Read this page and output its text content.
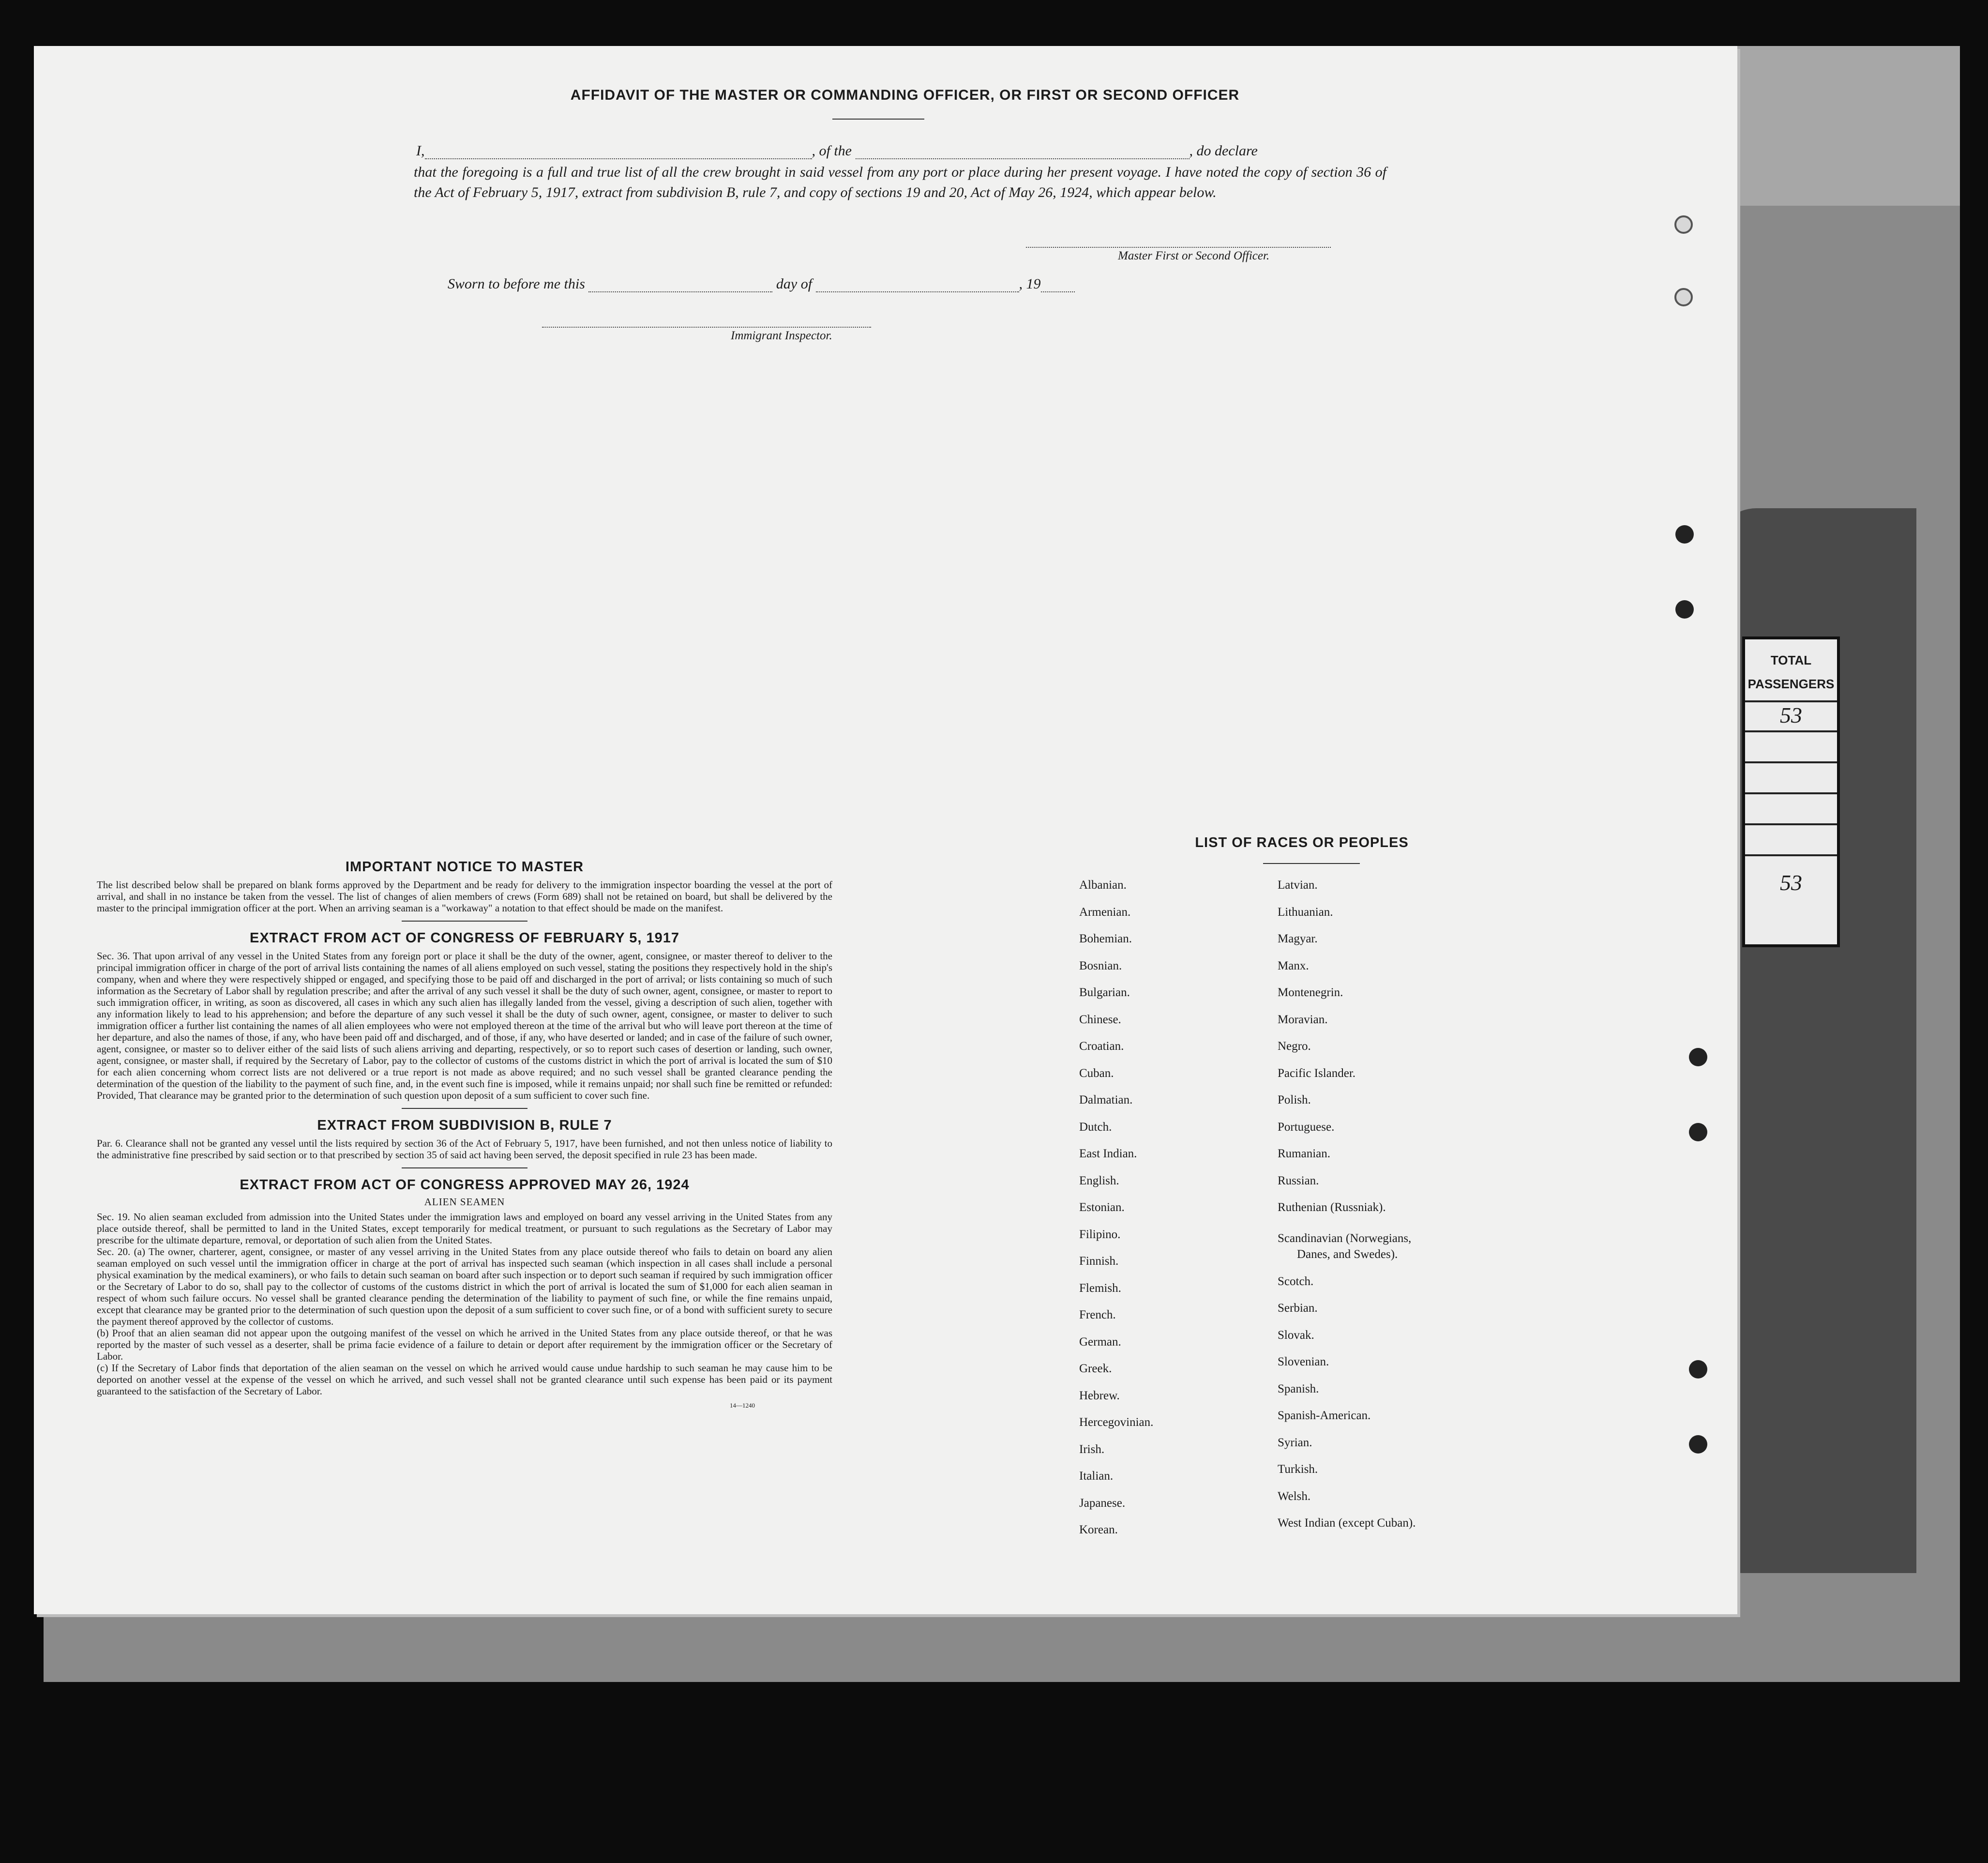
TOTAL
PASSENGERS
53
53
AFFIDAVIT OF THE MASTER OR COMMANDING OFFICER, OR FIRST OR SECOND OFFICER
I,	, of the	, do declare
that the foregoing is a full and true list of all the crew brought in said vessel from any port or place during her present voyage. I have noted the copy of section 36 of the Act of February 5, 1917, extract from subdivision B, rule 7, and copy of sections 19 and 20, Act of May 26, 1924, which appear below.
Master First or Second Officer.
Sworn to before me this	day of	, 19
Immigrant Inspector.
IMPORTANT NOTICE TO MASTER
The list described below shall be prepared on blank forms approved by the Department and be ready for delivery to the immigration inspector boarding the vessel at the port of arrival, and shall in no instance be taken from the vessel. The list of changes of alien members of crews (Form 689) shall not be retained on board, but shall be delivered by the master to the principal immigration officer at the port. When an arriving seaman is a "workaway" a notation to that effect should be made on the manifest.
EXTRACT FROM ACT OF CONGRESS OF FEBRUARY 5, 1917
Sec. 36. That upon arrival of any vessel in the United States from any foreign port or place it shall be the duty of the owner, agent, consignee, or master thereof to deliver to the principal immigration officer in charge of the port of arrival lists containing the names of all aliens employed on such vessel, stating the positions they respectively hold in the ship's company, when and where they were respectively shipped or engaged, and specifying those to be paid off and discharged in the port of arrival; or lists containing so much of such information as the Secretary of Labor shall by regulation prescribe; and after the arrival of any such vessel it shall be the duty of such owner, agent, consignee, or master to report to such immigration officer, in writing, as soon as discovered, all cases in which any such alien has illegally landed from the vessel, giving a description of such alien, together with any information likely to lead to his apprehension; and before the departure of any such vessel it shall be the duty of such owner, agent, consignee, or master to deliver to such immigration officer a further list containing the names of all alien employees who were not employed thereon at the time of the arrival but who will leave port thereon at the time of her departure, and also the names of those, if any, who have been paid off and discharged, and of those, if any, who have deserted or landed; and in case of the failure of such owner, agent, consignee, or master so to deliver either of the said lists of such aliens arriving and departing, respectively, or so to report such cases of desertion or landing, such owner, agent, consignee, or master shall, if required by the Secretary of Labor, pay to the collector of customs of the customs district in which the port of arrival is located the sum of $10 for each alien concerning whom correct lists are not delivered or a true report is not made as above required; and no such vessel shall be granted clearance pending the determination of the question of the liability to the payment of such fine, and, in the event such fine is imposed, while it remains unpaid; nor shall such fine be remitted or refunded: Provided, That clearance may be granted prior to the determination of such question upon deposit of a sum sufficient to cover such fine.
EXTRACT FROM SUBDIVISION B, RULE 7
Par. 6. Clearance shall not be granted any vessel until the lists required by section 36 of the Act of February 5, 1917, have been furnished, and not then unless notice of liability to the administrative fine prescribed by said section or to that prescribed by section 35 of said act having been served, the deposit specified in rule 23 has been made.
EXTRACT FROM ACT OF CONGRESS APPROVED MAY 26, 1924
ALIEN SEAMEN
Sec. 19. No alien seaman excluded from admission into the United States under the immigration laws and employed on board any vessel arriving in the United States from any place outside thereof, shall be permitted to land in the United States, except temporarily for medical treatment, or pursuant to such regulations as the Secretary of Labor may prescribe for the ultimate departure, removal, or deportation of such alien from the United States.
Sec. 20. (a) The owner, charterer, agent, consignee, or master of any vessel arriving in the United States from any place outside thereof who fails to detain on board any alien seaman employed on such vessel until the immigration officer in charge at the port of arrival has inspected such seaman (which inspection in all cases shall include a personal physical examination by the medical examiners), or who fails to detain such seaman on board after such inspection or to deport such seaman if required by such immigration officer or the Secretary of Labor to do so, shall pay to the collector of customs of the customs district in which the port of arrival is located the sum of $1,000 for each alien seaman in respect of whom such failure occurs. No vessel shall be granted clearance pending the determination of the liability to payment of such fine, or while the fine remains unpaid, except that clearance may be granted prior to the determination of such question upon the deposit of a sum sufficient to cover such fine, or of a bond with sufficient surety to secure the payment thereof approved by the collector of customs.
(b) Proof that an alien seaman did not appear upon the outgoing manifest of the vessel on which he arrived in the United States from any place outside thereof, or that he was reported by the master of such vessel as a deserter, shall be prima facie evidence of a failure to detain or deport after requirement by the immigration officer or the Secretary of Labor.
(c) If the Secretary of Labor finds that deportation of the alien seaman on the vessel on which he arrived would cause undue hardship to such seaman he may cause him to be deported on another vessel at the expense of the vessel on which he arrived, and such vessel shall not be granted clearance until such expense has been paid or its payment guaranteed to the satisfaction of the Secretary of Labor.
14—1240
LIST OF RACES OR PEOPLES
Albanian.
Armenian.
Bohemian.
Bosnian.
Bulgarian.
Chinese.
Croatian.
Cuban.
Dalmatian.
Dutch.
East Indian.
English.
Estonian.
Filipino.
Finnish.
Flemish.
French.
German.
Greek.
Hebrew.
Hercegovinian.
Irish.
Italian.
Japanese.
Korean.
Latvian.
Lithuanian.
Magyar.
Manx.
Montenegrin.
Moravian.
Negro.
Pacific Islander.
Polish.
Portuguese.
Rumanian.
Russian.
Ruthenian (Russniak).
Scandinavian (Norwegians,
Danes, and Swedes).
Scotch.
Serbian.
Slovak.
Slovenian.
Spanish.
Spanish-American.
Syrian.
Turkish.
Welsh.
West Indian (except Cuban).
